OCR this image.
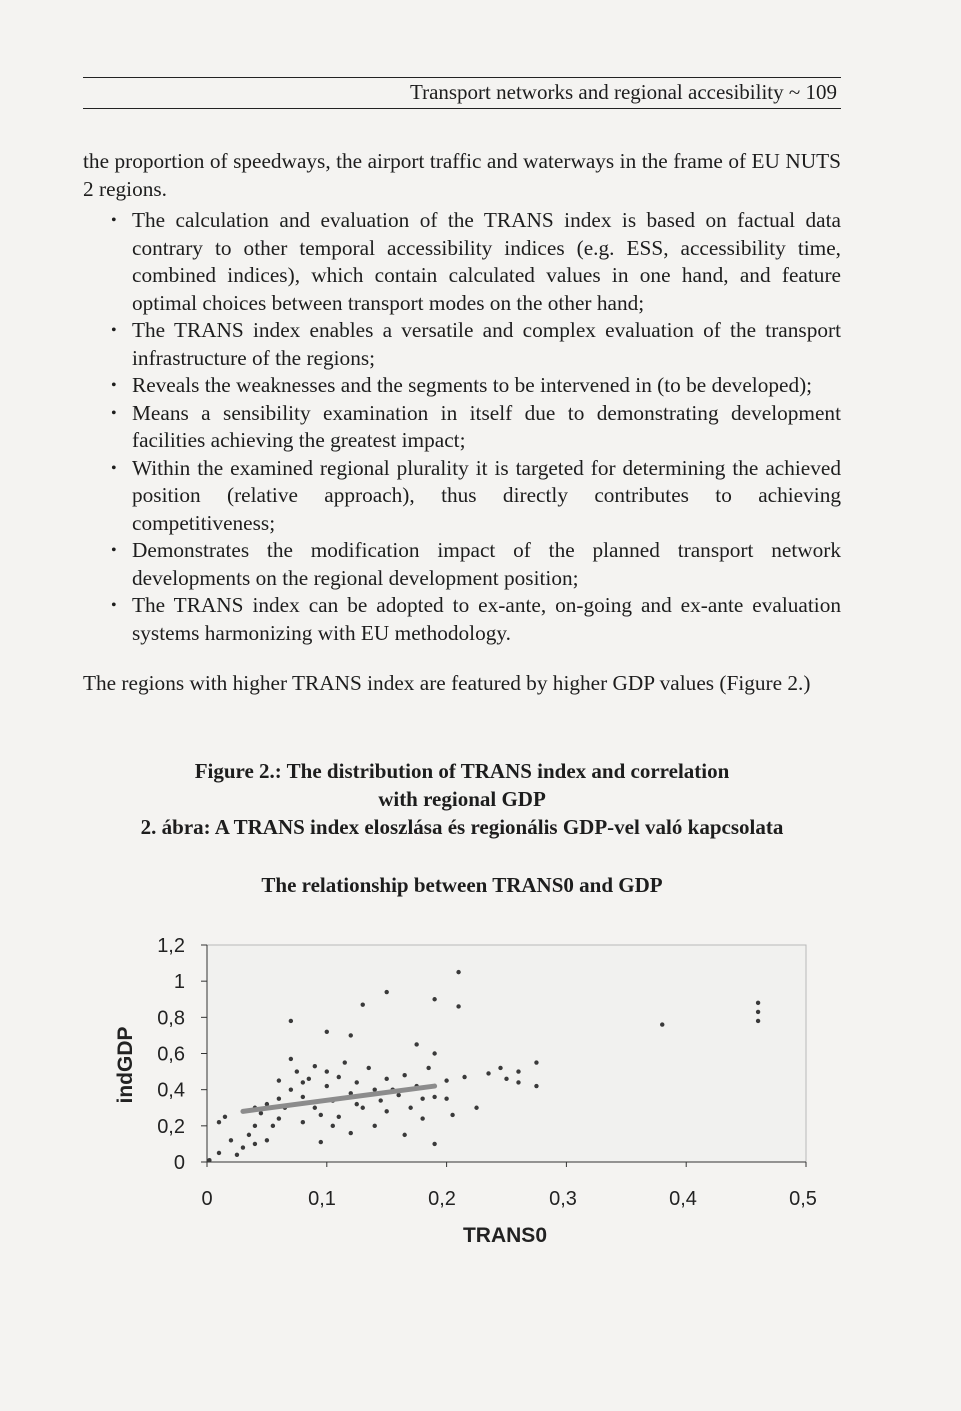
Transport networks and regional accesibility ~ 109

the proportion of speedways, the airport traffic and waterways in the frame of EU NUTS 2 regions.

• The calculation and evaluation of the TRANS index is based on factual data contrary to other temporal accessibility indices (e.g. ESS, accessibility time, combined indices), which contain calculated values in one hand, and feature optimal choices between transport modes on the other hand;
• The TRANS index enables a versatile and complex evaluation of the transport infrastructure of the regions;
• Reveals the weaknesses and the segments to be intervened in (to be developed);
• Means a sensibility examination in itself due to demonstrating development facilities achieving the greatest impact;
• Within the examined regional plurality it is targeted for determining the achieved position (relative approach), thus directly contributes to achieving competitiveness;
• Demonstrates the modification impact of the planned transport network developments on the regional development position;
• The TRANS index can be adopted to ex-ante, on-going and ex-ante evaluation systems harmonizing with EU methodology.

The regions with higher TRANS index are featured by higher GDP values (Figure 2.)

Figure 2.: The distribution of TRANS index and correlation
with regional GDP
2. ábra: A TRANS index eloszlása és regionális GDP-vel való kapcsolata
The relationship between TRANS0 and GDP
0
0,2
0,4
0,6
0,8
1
1,2
0	0,1	0,2	0,3	0,4	0,5
TRANS0
indGDP
